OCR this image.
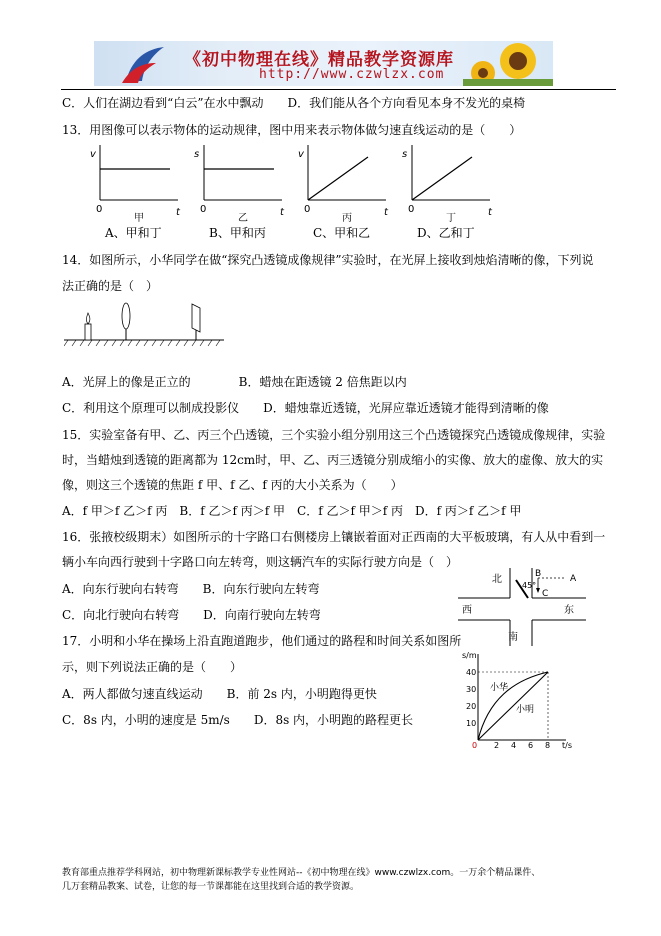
《初中物理在线》精品教学资源库
http://www.czwlzx.com
C．人们在湖边看到“白云”在水中飘动　　D．我们能从各个方向看见本身不发光的桌椅
13．用图像可以表示物体的运动规律，图中用来表示物体做匀速直线运动的是（　　）
v
0	t
甲
s
0	t
乙
v
0	t
丙
s
0	t
丁
A、甲和丁	B、甲和丙	C、甲和乙	D、乙和丁
14．如图所示，小华同学在做“探究凸透镜成像规律”实验时，在光屏上接收到烛焰清晰的像，下列说
法正确的是（　）
A．光屏上的像是正立的　　　　B．蜡烛在距透镜 2 倍焦距以内
C．利用这个原理可以制成投影仪　　D．蜡烛靠近透镜，光屏应靠近透镜才能得到清晰的像
15．实验室备有甲、乙、丙三个凸透镜，三个实验小组分别用这三个凸透镜探究凸透镜成像规律，实验
时，当蜡烛到透镜的距离都为 12cm时，甲、乙、丙三透镜分别成缩小的实像、放大的虚像、放大的实
像，则这三个透镜的焦距 f 甲、f 乙、f 丙的大小关系为（　　）
A．f 甲＞f 乙＞f 丙　B．f 乙＞f 丙＞f 甲　C．f 乙＞f 甲＞f 丙　D．f 丙＞f 乙＞f 甲
16．张掖校级期末）如图所示的十字路口右侧楼房上镶嵌着面对正西南的大平板玻璃，有人从中看到一
辆小车向西行驶到十字路口向左转弯，则这辆汽车的实际行驶方向是（　）
A．向东行驶向右转弯　　B．向东行驶向左转弯
C．向北行驶向右转弯　　D．向南行驶向左转弯
北	B	A
C
45°
西	东
南
17．小明和小华在操场上沿直跑道跑步，他们通过的路程和时间关系如图所
示，则下列说法正确的是（　　）
A．两人都做匀速直线运动　　B．前 2s 内，小明跑得更快
C．8s 内，小明的速度是 5m/s　　D．8s 内，小明跑的路程更长
s/m
t/s
40
30
20
10
0 2 4 6 8
小华
小明
教育部重点推荐学科网站，初中物理新课标教学专业性网站--《初中物理在线》www.czwlzx.com。一万余个精品课件、
几万套精品教案、试卷，让您的每一节课都能在这里找到合适的教学资源。
